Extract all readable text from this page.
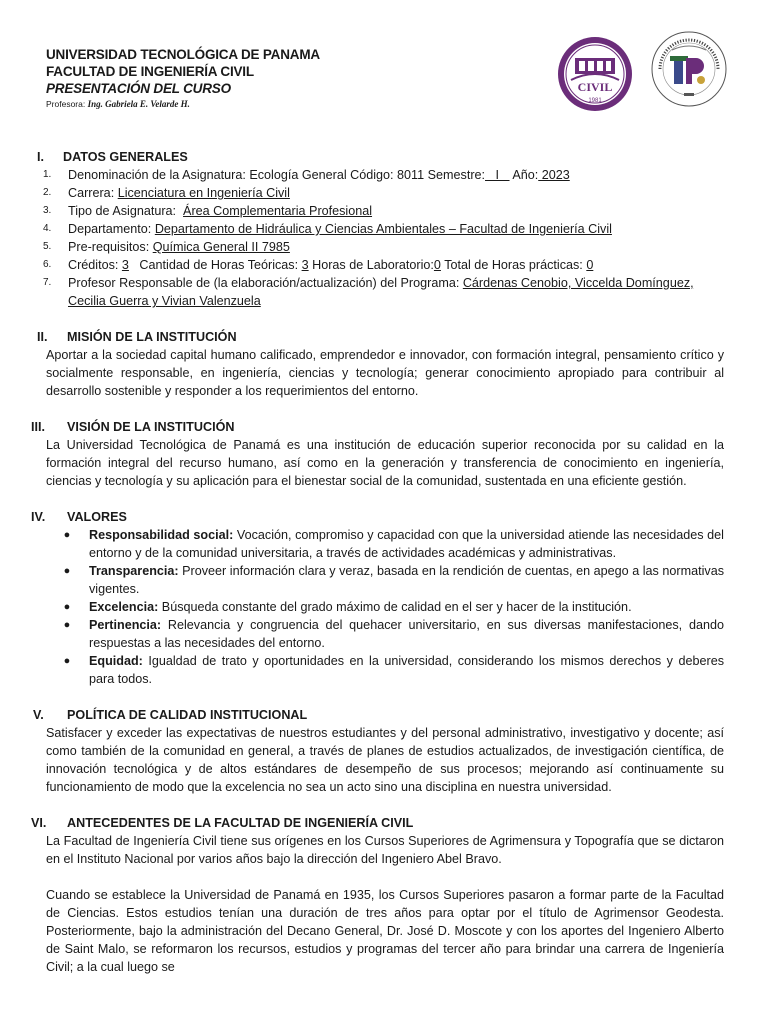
UNIVERSIDAD TECNOLÓGICA DE PANAMA
FACULTAD DE INGENIERÍA CIVIL
PRESENTACIÓN DEL CURSO
Profesora: Ing. Gabriela E. Velarde H.
CIVIL
1981
I.	DATOS GENERALES
1.	Denominación de la Asignatura: Ecología General Código: 8011 Semestre:   I    Año: 2023
2.	Carrera: Licenciatura en Ingeniería Civil
3.	Tipo de Asignatura:  Área Complementaria Profesional
4.	Departamento: Departamento de Hidráulica y Ciencias Ambientales – Facultad de Ingeniería Civil
5.	Pre-requisitos: Química General II 7985
6.	Créditos: 3   Cantidad de Horas Teóricas: 3 Horas de Laboratorio:0 Total de Horas prácticas: 0
7.	Profesor Responsable de (la elaboración/actualización) del Programa: Cárdenas Cenobio, Viccelda Domínguez, Cecilia Guerra y Vivian Valenzuela
II.	MISIÓN DE LA INSTITUCIÓN
Aportar a la sociedad capital humano calificado, emprendedor e innovador, con formación integral, pensamiento crítico y socialmente responsable, en ingeniería, ciencias y tecnología; generar conocimiento apropiado para contribuir al desarrollo sostenible y responder a los requerimientos del entorno.
III.	VISIÓN DE LA INSTITUCIÓN
La Universidad Tecnológica de Panamá es una institución de educación superior reconocida por su calidad en la formación integral del recurso humano, así como en la generación y transferencia de conocimiento en ingeniería, ciencias y tecnología y su aplicación para el bienestar social de la comunidad, sustentada en una eficiente gestión.
IV.	VALORES
●	Responsabilidad social: Vocación, compromiso y capacidad con que la universidad atiende las necesidades del entorno y de la comunidad universitaria, a través de actividades académicas y administrativas.
●	Transparencia: Proveer información clara y veraz, basada en la rendición de cuentas, en apego a las normativas vigentes.
●	Excelencia: Búsqueda constante del grado máximo de calidad en el ser y hacer de la institución.
●	Pertinencia: Relevancia y congruencia del quehacer universitario, en sus diversas manifestaciones, dando respuestas a las necesidades del entorno.
●	Equidad: Igualdad de trato y oportunidades en la universidad, considerando los mismos derechos y deberes para todos.
V.	POLÍTICA DE CALIDAD INSTITUCIONAL
Satisfacer y exceder las expectativas de nuestros estudiantes y del personal administrativo, investigativo y docente; así como también de la comunidad en general, a través de planes de estudios actualizados, de investigación científica, de innovación tecnológica y de altos estándares de desempeño de sus procesos; mejorando así continuamente su funcionamiento de modo que la excelencia no sea un acto sino una disciplina en nuestra universidad.
VI.	ANTECEDENTES DE LA FACULTAD DE INGENIERÍA CIVIL
La Facultad de Ingeniería Civil tiene sus orígenes en los Cursos Superiores de Agrimensura y Topografía que se dictaron en el Instituto Nacional por varios años bajo la dirección del Ingeniero Abel Bravo.
Cuando se establece la Universidad de Panamá en 1935, los Cursos Superiores pasaron a formar parte de la Facultad de Ciencias. Estos estudios tenían una duración de tres años para optar por el título de Agrimensor Geodesta. Posteriormente, bajo la administración del Decano General, Dr. José D. Moscote y con los aportes del Ingeniero Alberto de Saint Malo, se reformaron los recursos, estudios y programas del tercer año para brindar una carrera de Ingeniería Civil; a la cual luego se
